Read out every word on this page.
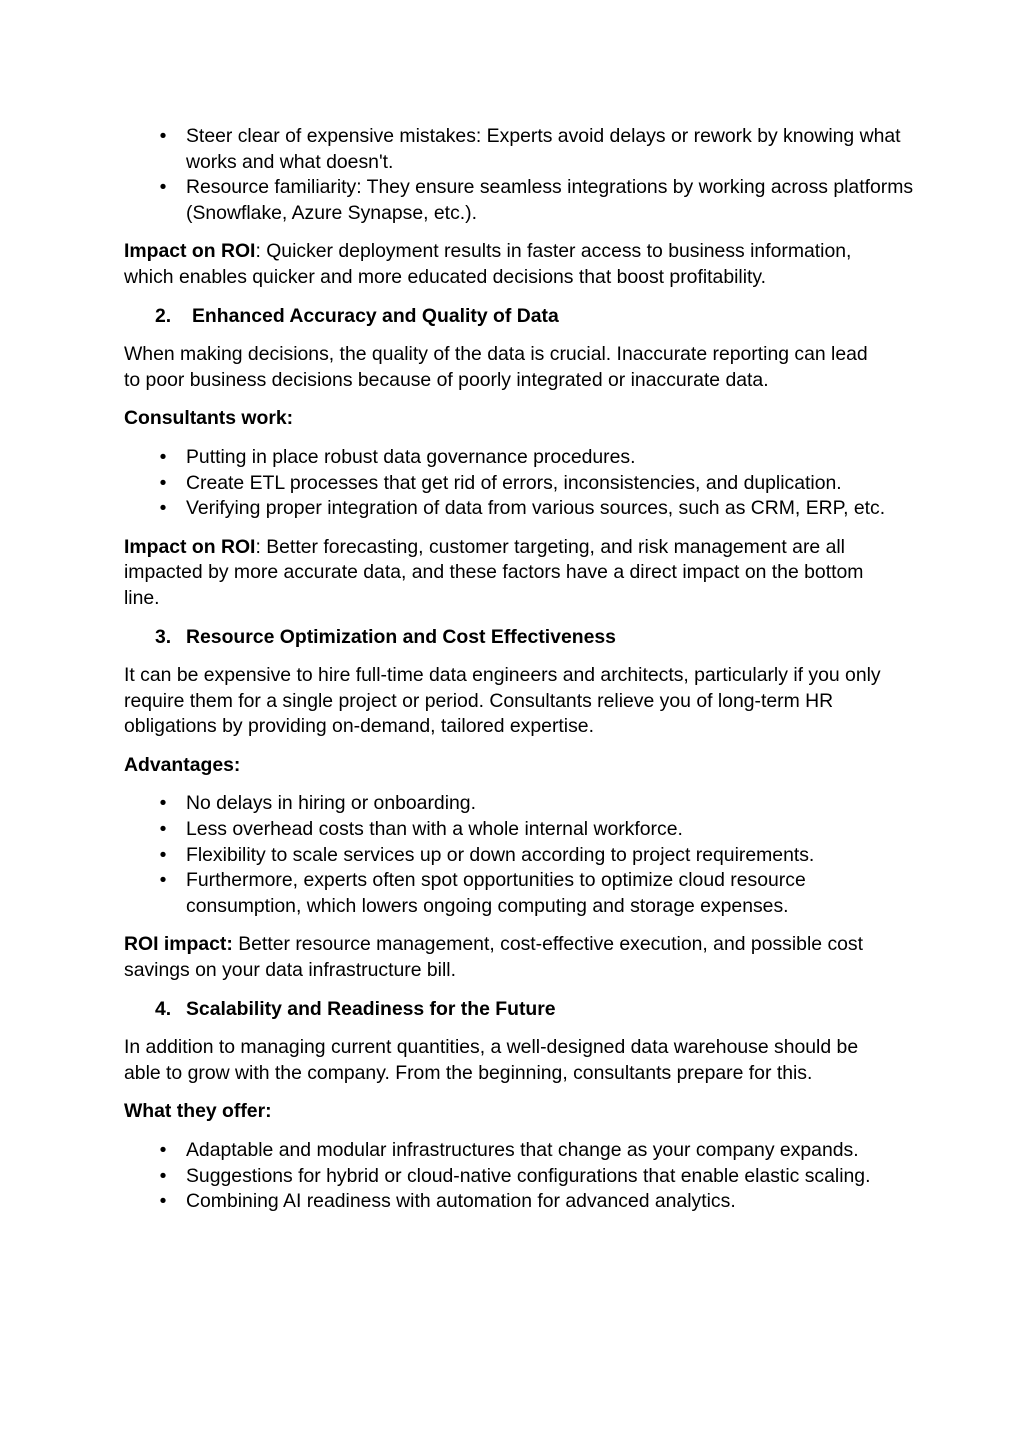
• Steer clear of expensive mistakes: Experts avoid delays or rework by knowing what works and what doesn't.
• Resource familiarity: They ensure seamless integrations by working across platforms (Snowflake, Azure Synapse, etc.).

Impact on ROI: Quicker deployment results in faster access to business information, which enables quicker and more educated decisions that boost profitability.

2. Enhanced Accuracy and Quality of Data

When making decisions, the quality of the data is crucial. Inaccurate reporting can lead to poor business decisions because of poorly integrated or inaccurate data.

Consultants work:

• Putting in place robust data governance procedures.
• Create ETL processes that get rid of errors, inconsistencies, and duplication.
• Verifying proper integration of data from various sources, such as CRM, ERP, etc.

Impact on ROI: Better forecasting, customer targeting, and risk management are all impacted by more accurate data, and these factors have a direct impact on the bottom line.

3. Resource Optimization and Cost Effectiveness

It can be expensive to hire full-time data engineers and architects, particularly if you only require them for a single project or period. Consultants relieve you of long-term HR obligations by providing on-demand, tailored expertise.

Advantages:

• No delays in hiring or onboarding.
• Less overhead costs than with a whole internal workforce.
• Flexibility to scale services up or down according to project requirements.
• Furthermore, experts often spot opportunities to optimize cloud resource consumption, which lowers ongoing computing and storage expenses.

ROI impact: Better resource management, cost-effective execution, and possible cost savings on your data infrastructure bill.

4. Scalability and Readiness for the Future

In addition to managing current quantities, a well-designed data warehouse should be able to grow with the company. From the beginning, consultants prepare for this.

What they offer:

• Adaptable and modular infrastructures that change as your company expands.
• Suggestions for hybrid or cloud-native configurations that enable elastic scaling.
• Combining AI readiness with automation for advanced analytics.
